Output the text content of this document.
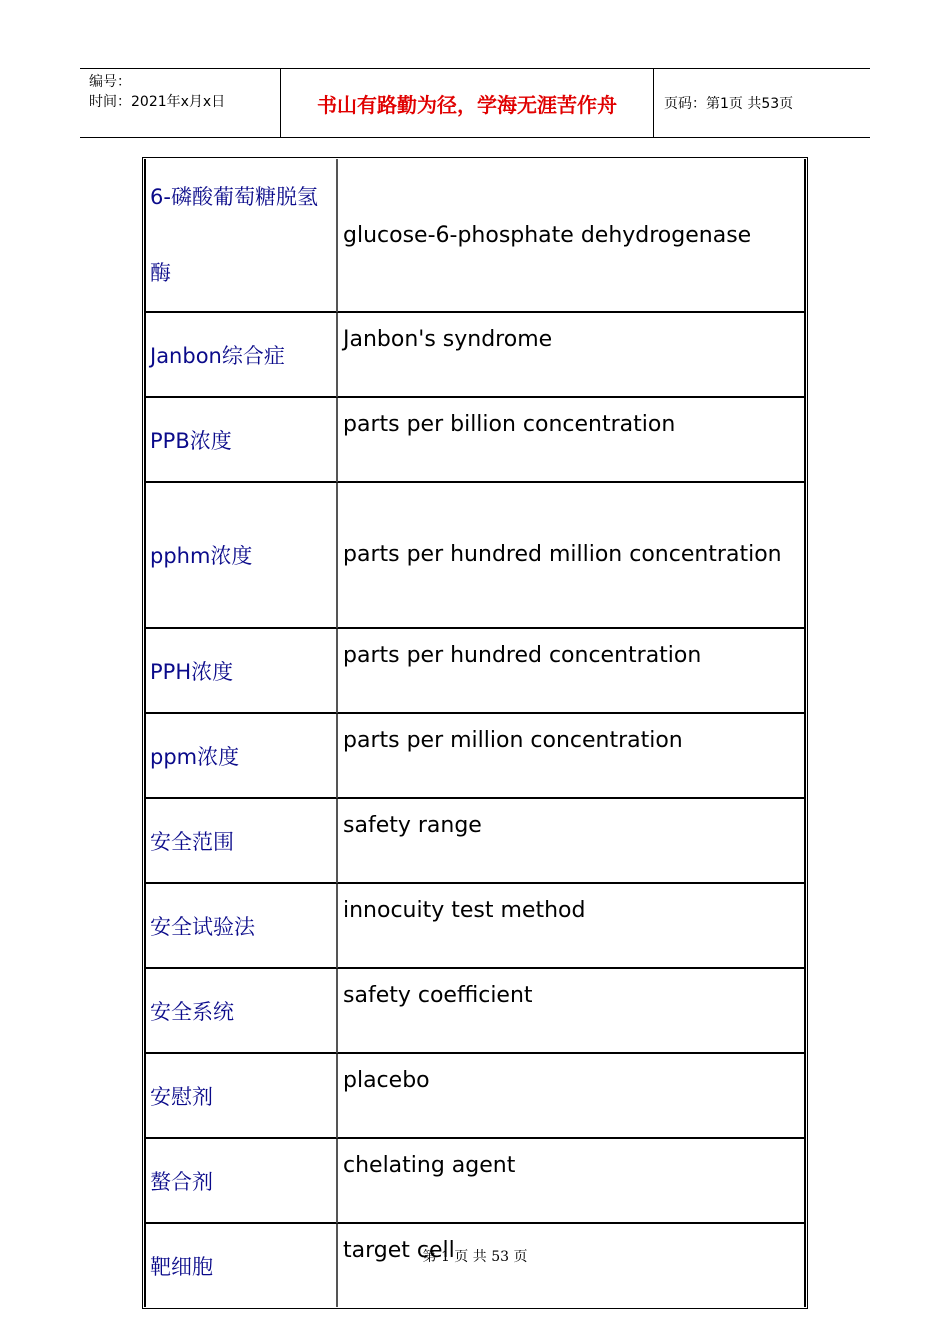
编号：
时间：2021年x月x日	书山有路勤为径，学海无涯苦作舟	页码：第1页 共53页
6-磷酸葡萄糖脱氢酶	glucose-6-phosphate dehydrogenase
Janbon综合症	Janbon's syndrome
PPB浓度	parts per billion concentration
pphm浓度	parts per hundred million concentration
PPH浓度	parts per hundred concentration
ppm浓度	parts per million concentration
安全范围	safety range
安全试验法	innocuity test method
安全系统	safety coefficient
安慰剂	placebo
螯合剂	chelating agent
靶细胞	target cell
第 1 页 共 53 页
